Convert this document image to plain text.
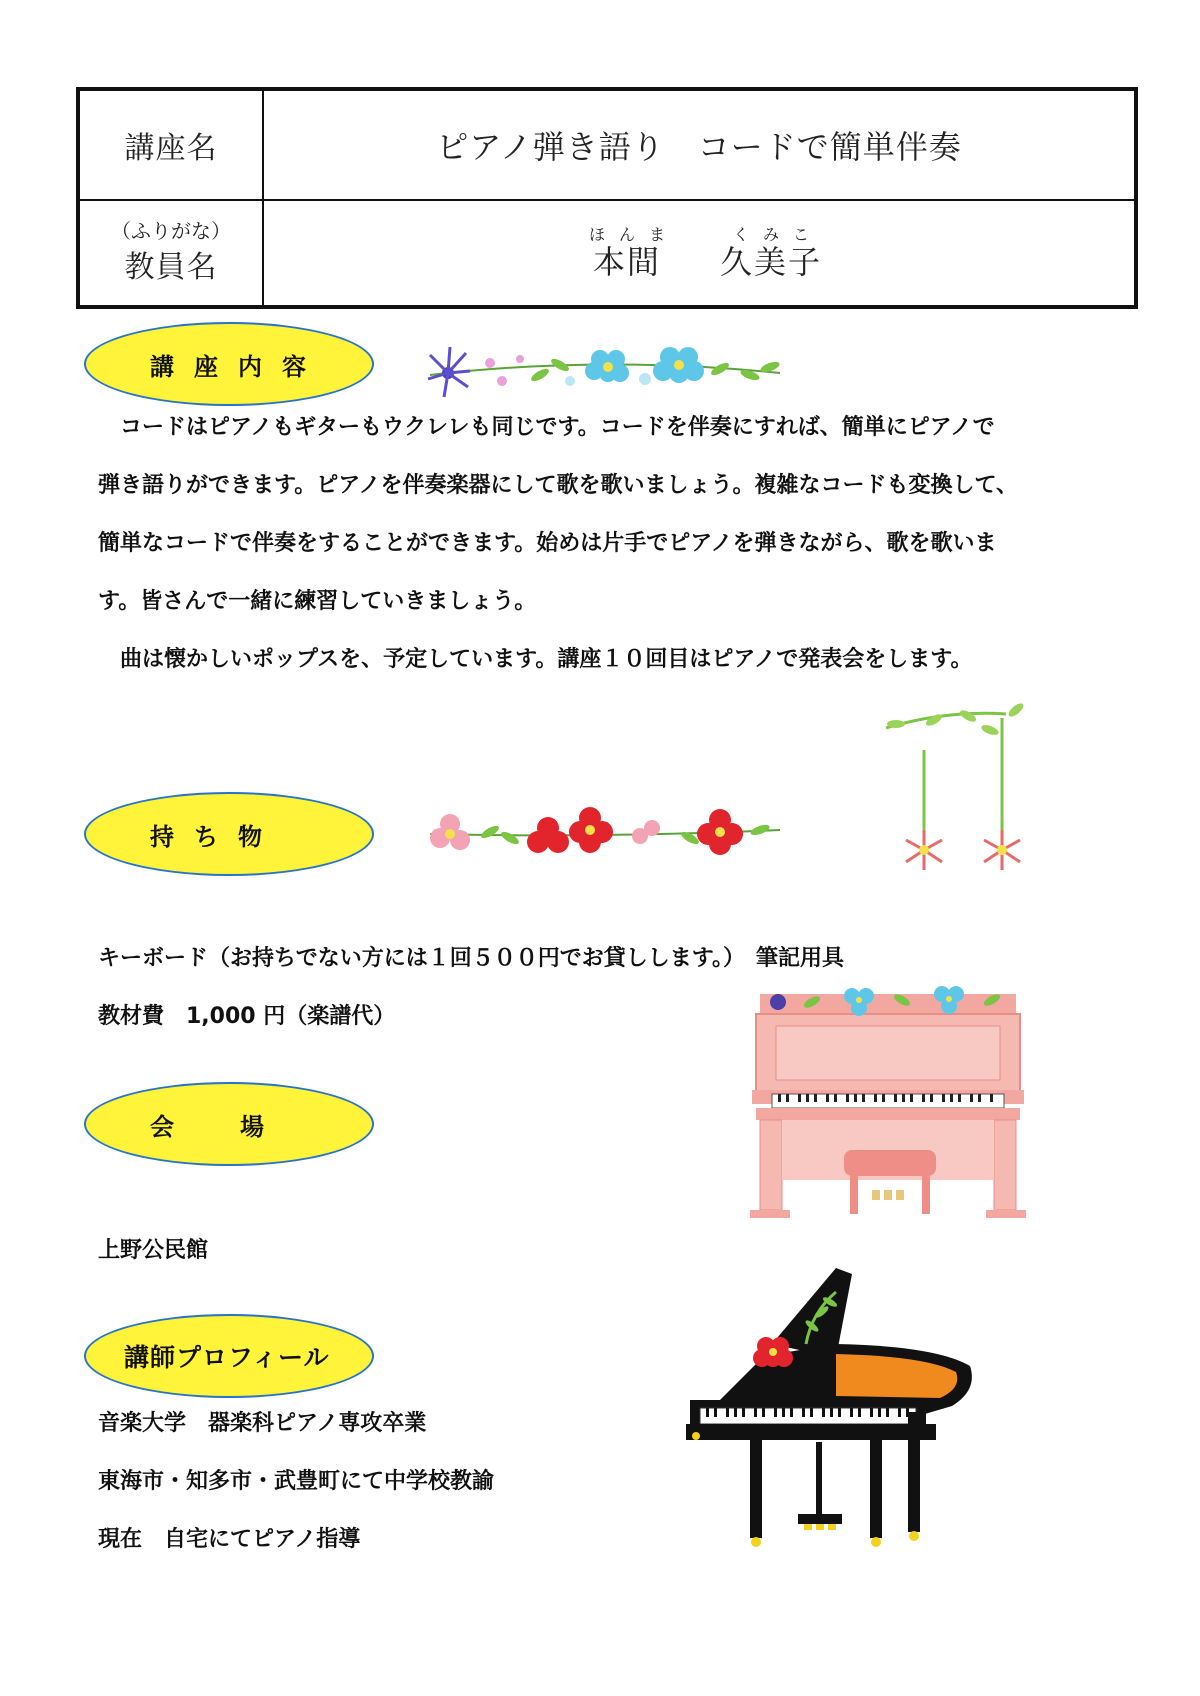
講座名	ピアノ弾き語り　コードで簡単伴奏
（ふりがな）
教員名
ほんま
本間
くみこ
久美子
講座内容
　コードはピアノもギターもウクレレも同じです。コードを伴奏にすれば、簡単にピアノで
弾き語りができます。ピアノを伴奏楽器にして歌を歌いましょう。複雑なコードも変換して、
簡単なコードで伴奏をすることができます。始めは片手でピアノを弾きながら、歌を歌いま
す。皆さんで一緒に練習していきましょう。
　曲は懐かしいポップスを、予定しています。講座１０回目はピアノで発表会をします。
持ち物
キーボード（お持ちでない方には１回５００円でお貸しします。）　筆記用具
教材費　1,000 円（楽譜代）
会場
上野公民館
講師プロフィール
音楽大学　器楽科ピアノ専攻卒業
東海市・知多市・武豊町にて中学校教諭
現在　自宅にてピアノ指導
